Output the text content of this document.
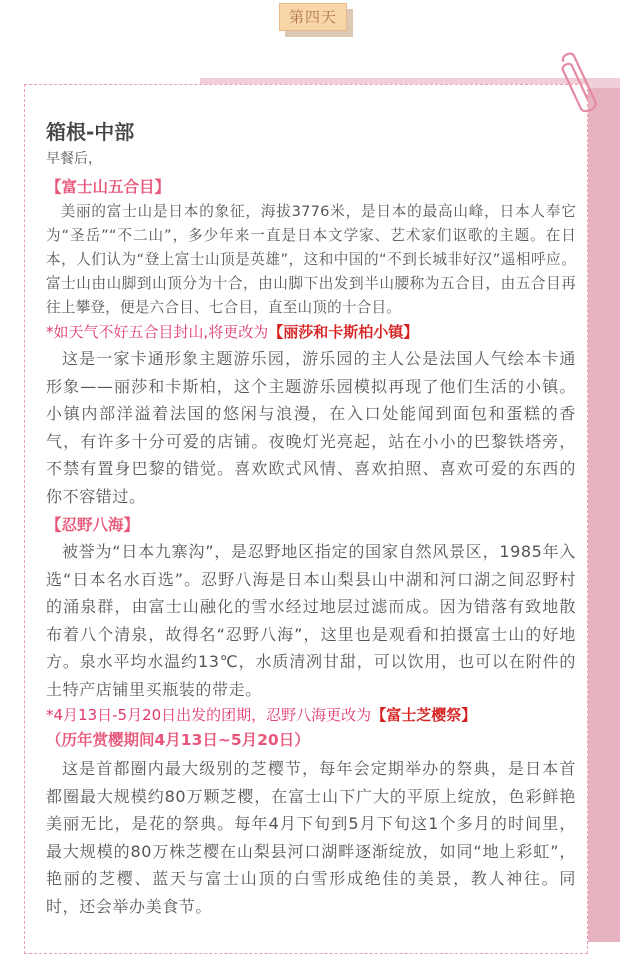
第四天
箱根-中部
早餐后，
【富士山五合目】
美丽的富士山是日本的象征，海拔3776米，是日本的最高山峰，日本人奉它为“圣岳”“不二山”，多少年来一直是日本文学家、艺术家们讴歌的主题。在日本，人们认为“登上富士山顶是英雄”，这和中国的“不到长城非好汉”遥相呼应。富士山由山脚到山顶分为十合，由山脚下出发到半山腰称为五合目，由五合目再往上攀登，便是六合目、七合目，直至山顶的十合目。
*如天气不好五合目封山,将更改为【丽莎和卡斯柏小镇】
这是一家卡通形象主题游乐园，游乐园的主人公是法国人气绘本卡通形象——丽莎和卡斯柏，这个主题游乐园模拟再现了他们生活的小镇。小镇内部洋溢着法国的悠闲与浪漫，在入口处能闻到面包和蛋糕的香气，有许多十分可爱的店铺。夜晚灯光亮起，站在小小的巴黎铁塔旁，不禁有置身巴黎的错觉。喜欢欧式风情、喜欢拍照、喜欢可爱的东西的你不容错过。
【忍野八海】
被誉为“日本九寨沟”，是忍野地区指定的国家自然风景区，1985年入选“日本名水百选”。忍野八海是日本山梨县山中湖和河口湖之间忍野村的涌泉群，由富士山融化的雪水经过地层过滤而成。因为错落有致地散布着八个清泉，故得名“忍野八海”，这里也是观看和拍摄富士山的好地方。泉水平均水温约13℃，水质清冽甘甜，可以饮用，也可以在附件的土特产店铺里买瓶装的带走。
*4月13日-5月20日出发的团期，忍野八海更改为【富士芝樱祭】
（历年赏樱期间4月13日~5月20日）
这是首都圈内最大级别的芝樱节，每年会定期举办的祭典，是日本首都圈最大规模约80万颗芝樱，在富士山下广大的平原上绽放，色彩鲜艳美丽无比，是花的祭典。每年4月下旬到5月下旬这1个多月的时间里，最大规模的80万株芝樱在山梨县河口湖畔逐渐绽放，如同“地上彩虹”，艳丽的芝樱、蓝天与富士山顶的白雪形成绝佳的美景，教人神往。同时，还会举办美食节。
